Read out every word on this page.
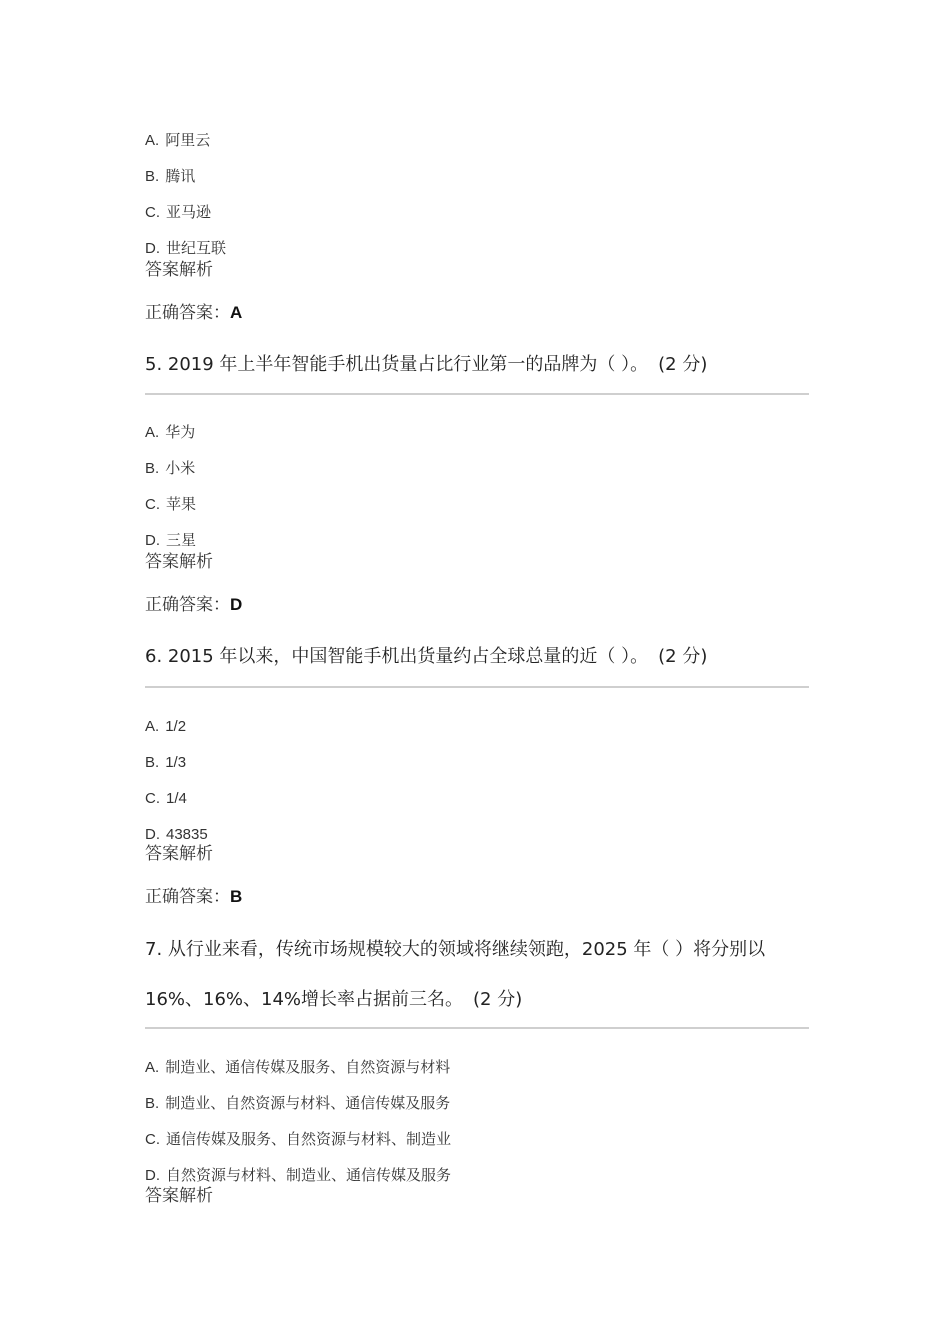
A. 阿里云
B. 腾讯
C. 亚马逊
D. 世纪互联
答案解析
正确答案：A
5. 2019 年上半年智能手机出货量占比行业第一的品牌为（ ）。 (2 分)
A. 华为
B. 小米
C. 苹果
D. 三星
答案解析
正确答案：D
6. 2015 年以来，中国智能手机出货量约占全球总量的近（ ）。 (2 分)
A. 1/2
B. 1/3
C. 1/4
D. 43835
答案解析
正确答案：B
7. 从行业来看，传统市场规模较大的领域将继续领跑，2025 年（ ）将分别以
16%、16%、14%增长率占据前三名。 (2 分)
A. 制造业、通信传媒及服务、自然资源与材料
B. 制造业、自然资源与材料、通信传媒及服务
C. 通信传媒及服务、自然资源与材料、制造业
D. 自然资源与材料、制造业、通信传媒及服务
答案解析
